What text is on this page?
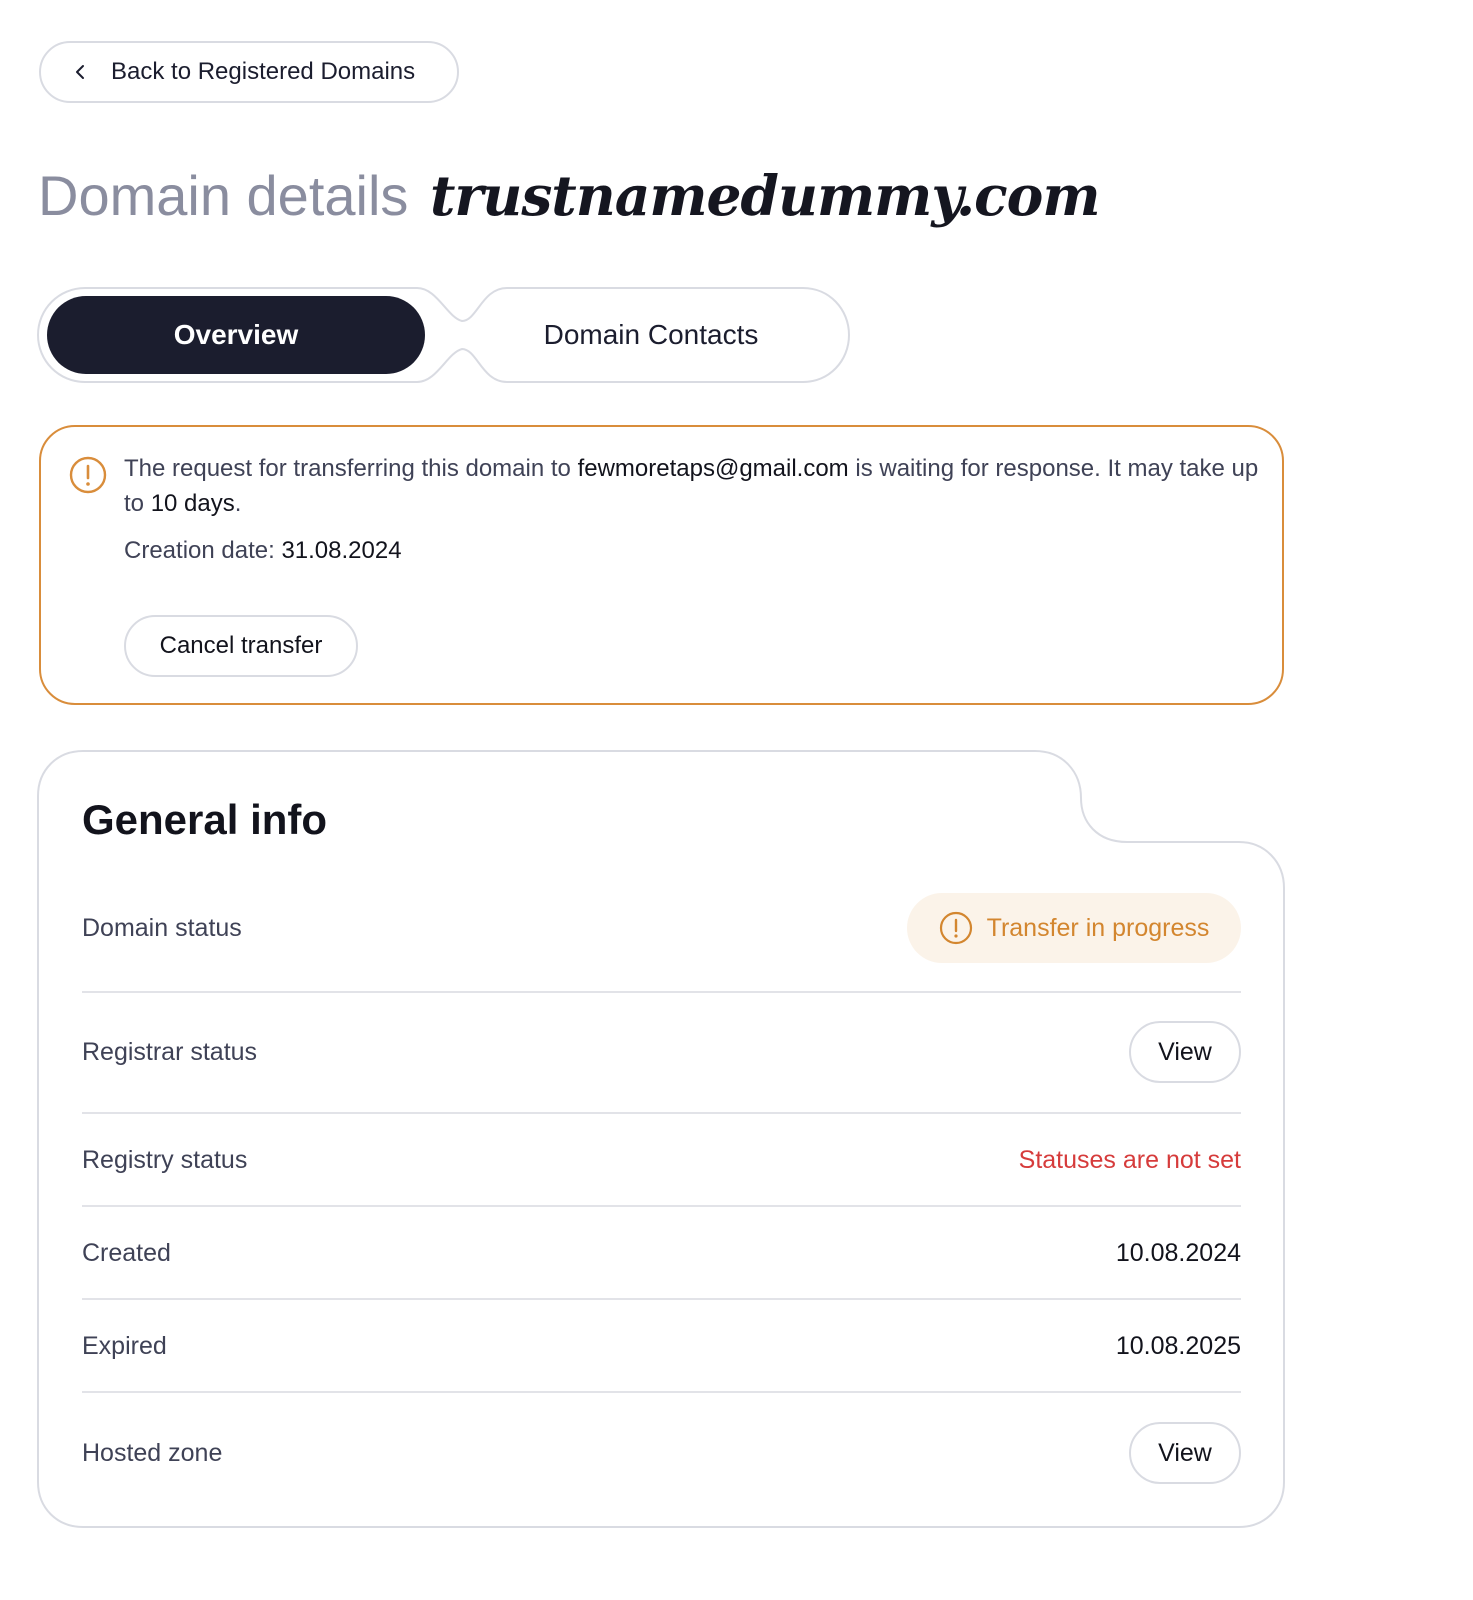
Back to Registered Domains
Domain details trustnamedummy.com
Overview	Domain Contacts
The request for transferring this domain to fewmoretaps@gmail.com is waiting for response. It may take up to 10 days.
Creation date: 31.08.2024
Cancel transfer
General info
Domain status	Transfer in progress
Registrar status	View
Registry status	Statuses are not set
Created	10.08.2024
Expired	10.08.2025
Hosted zone	View
